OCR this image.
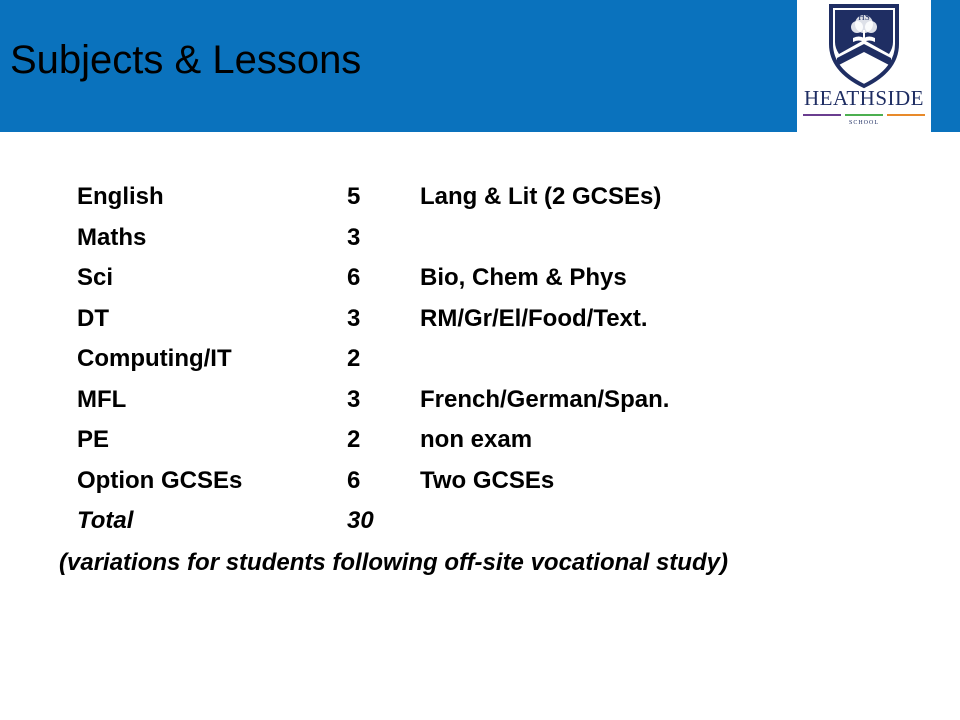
Subjects & Lessons
HS
HEATHSIDE
SCHOOL
English	5 Lang & Lit (2 GCSEs)
Maths	3
Sci	6 Bio, Chem & Phys
DT	3 RM/Gr/El/Food/Text.
Computing/IT	2
MFL	3 French/German/Span.
PE	2 non exam
Option GCSEs	6 Two GCSEs
Total	30
(variations for students following off-site vocational study)
